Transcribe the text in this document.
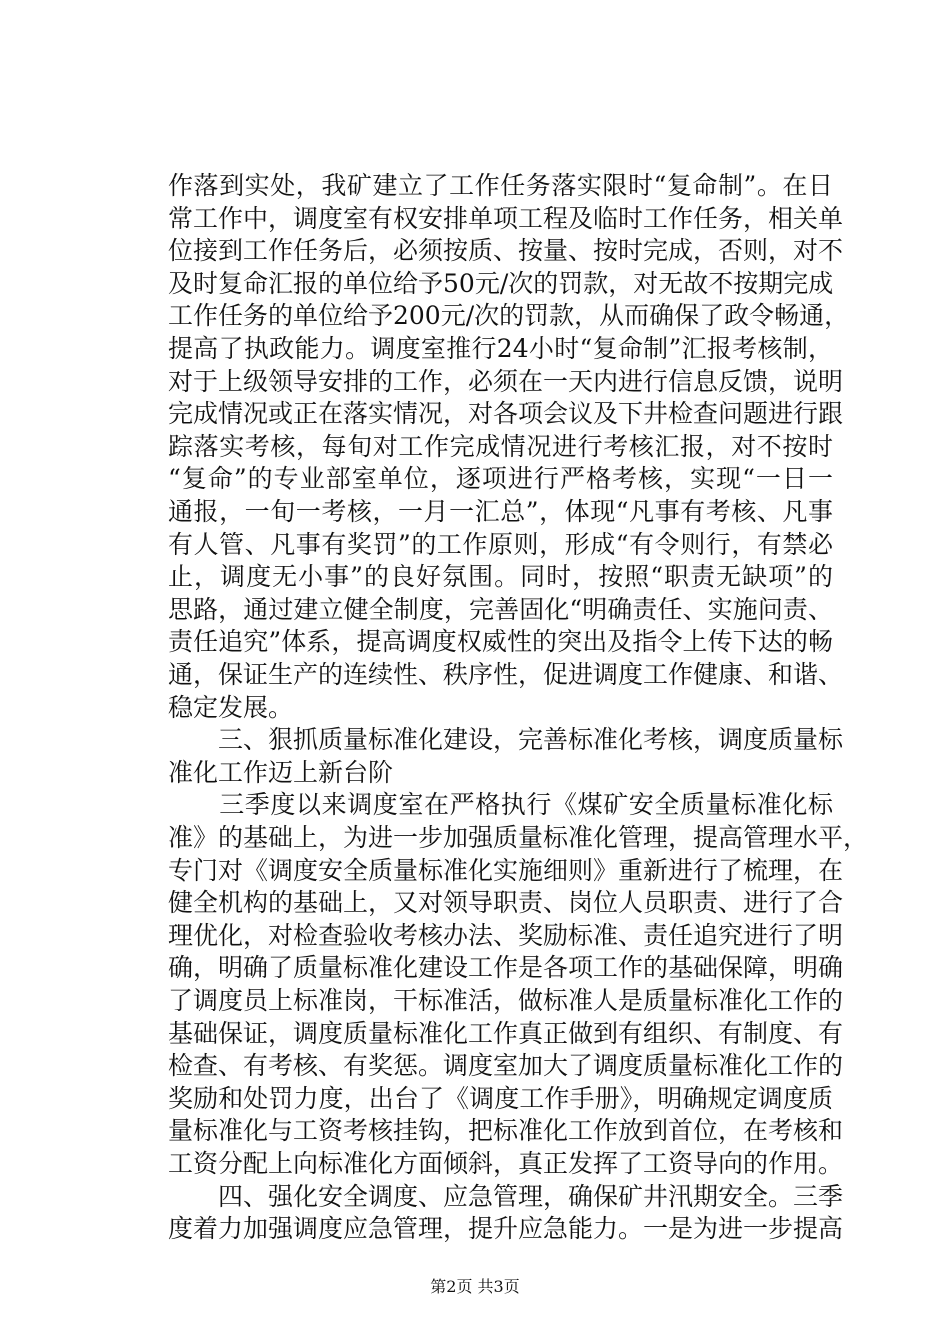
作落到实处，我矿建立了工作任务落实限时“复命制”。在日
常工作中，调度室有权安排单项工程及临时工作任务，相关单
位接到工作任务后，必须按质、按量、按时完成，否则，对不
及时复命汇报的单位给予50元/次的罚款，对无故不按期完成
工作任务的单位给予200元/次的罚款，从而确保了政令畅通，
提高了执政能力。调度室推行24小时“复命制”汇报考核制，
对于上级领导安排的工作，必须在一天内进行信息反馈，说明
完成情况或正在落实情况，对各项会议及下井检查问题进行跟
踪落实考核，每旬对工作完成情况进行考核汇报，对不按时
“复命”的专业部室单位，逐项进行严格考核，实现“一日一
通报，一旬一考核，一月一汇总”，体现“凡事有考核、凡事
有人管、凡事有奖罚”的工作原则，形成“有令则行，有禁必
止，调度无小事”的良好氛围。同时，按照“职责无缺项”的
思路，通过建立健全制度，完善固化“明确责任、实施问责、
责任追究”体系，提高调度权威性的突出及指令上传下达的畅
通，保证生产的连续性、秩序性，促进调度工作健康、和谐、
稳定发展。
　　三、狠抓质量标准化建设，完善标准化考核，调度质量标
准化工作迈上新台阶
　　三季度以来调度室在严格执行《煤矿安全质量标准化标
准》的基础上，为进一步加强质量标准化管理，提高管理水平，
专门对《调度安全质量标准化实施细则》重新进行了梳理，在
健全机构的基础上，又对领导职责、岗位人员职责、进行了合
理优化，对检查验收考核办法、奖励标准、责任追究进行了明
确，明确了质量标准化建设工作是各项工作的基础保障，明确
了调度员上标准岗，干标准活，做标准人是质量标准化工作的
基础保证，调度质量标准化工作真正做到有组织、有制度、有
检查、有考核、有奖惩。调度室加大了调度质量标准化工作的
奖励和处罚力度，出台了《调度工作手册》，明确规定调度质
量标准化与工资考核挂钩，把标准化工作放到首位，在考核和
工资分配上向标准化方面倾斜，真正发挥了工资导向的作用。
　　四、强化安全调度、应急管理，确保矿井汛期安全。三季
度着力加强调度应急管理，提升应急能力。一是为进一步提高
第2页 共3页
